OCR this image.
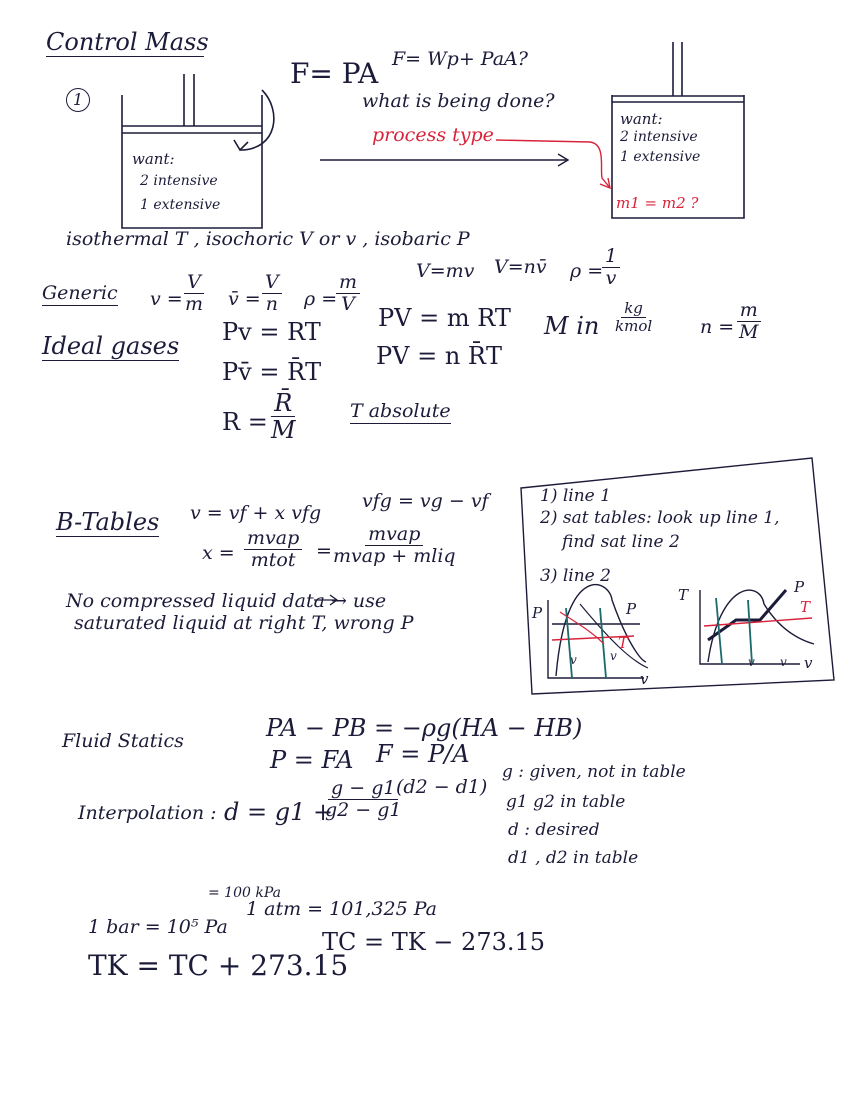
Control Mass
1
want:
2 intensive
1 extensive
F= PA F= Wp+ PaA?
what is being done?
process type
want:
2 intensive
1 extensive
m1 = m2 ?
isothermal T , isochoric V or v , isobaric P
Generic $v = \frac{V}{m}$ v̄ = $\frac{V}{n}$ ρ =
$\frac{m}{V}$
V=mv V=nv̄ ρ =
$\frac{1}{v}$
Ideal gases Pv = RT PV = m RT
Pv̄ = R̄T
PV = n R̄T
M in
kg
kmol	$n = \frac{m}{M}$
$R = \frac{R̄}{M}$	T absolute
B-Tables v = vf + x vfg
vfg = vg − vf
x =
mvap
mtot =
mvap
mvap + mliq
No compressed liquid data → use
saturated liquid at right T, wrong P
1) line 1
2) sat tables: look up line 1,
find sat line 2
3) line 2
P
T
P
v	v
v
T	P
T
v v v
Fluid Statics	PA − PB = −ρg(HA − HB)
P = FA F = P/A
Interpolation : d = g1 +
$\frac{g - g1}{g2 - g1}$
(d2 − d1)
g : given, not in table
g1 g2 in table
d : desired
d1 , d2 in table
1 bar = 10⁵ Pa
= 100 kPa
1 atm = 101,325 Pa
TK = TC + 273.15
TC = TK − 273.15
